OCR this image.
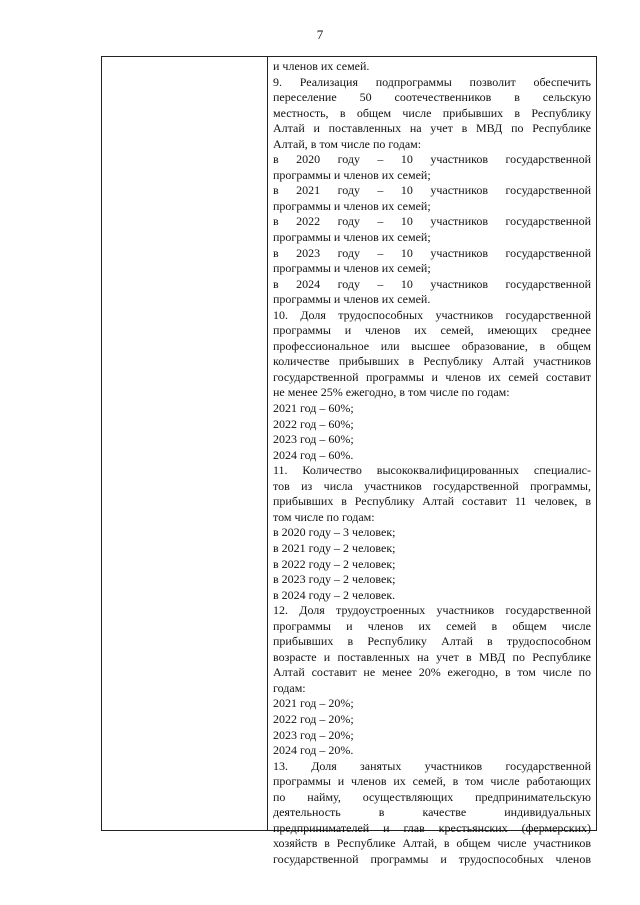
7
и членов их семей.
9. Реализация подпрограммы позволит обеспечить
переселение 50 соотечественников в сельскую
местность, в общем числе прибывших в Республику
Алтай и поставленных на учет в МВД по Республике
Алтай, в том числе по годам:
в 2020 году – 10 участников государственной
программы и членов их семей;
в 2021 году – 10 участников государственной
программы и членов их семей;
в 2022 году – 10 участников государственной
программы и членов их семей;
в 2023 году – 10 участников государственной
программы и членов их семей;
в 2024 году – 10 участников государственной
программы и членов их семей.
10. Доля трудоспособных участников государственной
программы и членов их семей, имеющих среднее
профессиональное или высшее образование, в общем
количестве прибывших в Республику Алтай участников
государственной программы и членов их семей составит
не менее 25% ежегодно, в том числе по годам:
2021 год – 60%;
2022 год – 60%;
2023 год – 60%;
2024 год – 60%.
11. Количество высококвалифицированных специалис-
тов из числа участников государственной программы,
прибывших в Республику Алтай составит 11 человек, в
том числе по годам:
в 2020 году – 3 человек;
в 2021 году – 2 человек;
в 2022 году – 2 человек;
в 2023 году – 2 человек;
в 2024 году – 2 человек.
12. Доля трудоустроенных участников государственной
программы и членов их семей в общем числе
прибывших в Республику Алтай в трудоспособном
возрасте и поставленных на учет в МВД по Республике
Алтай составит не менее 20% ежегодно, в том числе по
годам:
2021 год – 20%;
2022 год – 20%;
2023 год – 20%;
2024 год – 20%.
13. Доля занятых участников государственной
программы и членов их семей, в том числе работающих
по найму, осуществляющих предпринимательскую
деятельность в качестве индивидуальных
предпринимателей и глав крестьянских (фермерских)
хозяйств в Республике Алтай, в общем числе участников
государственной программы и трудоспособных членов
